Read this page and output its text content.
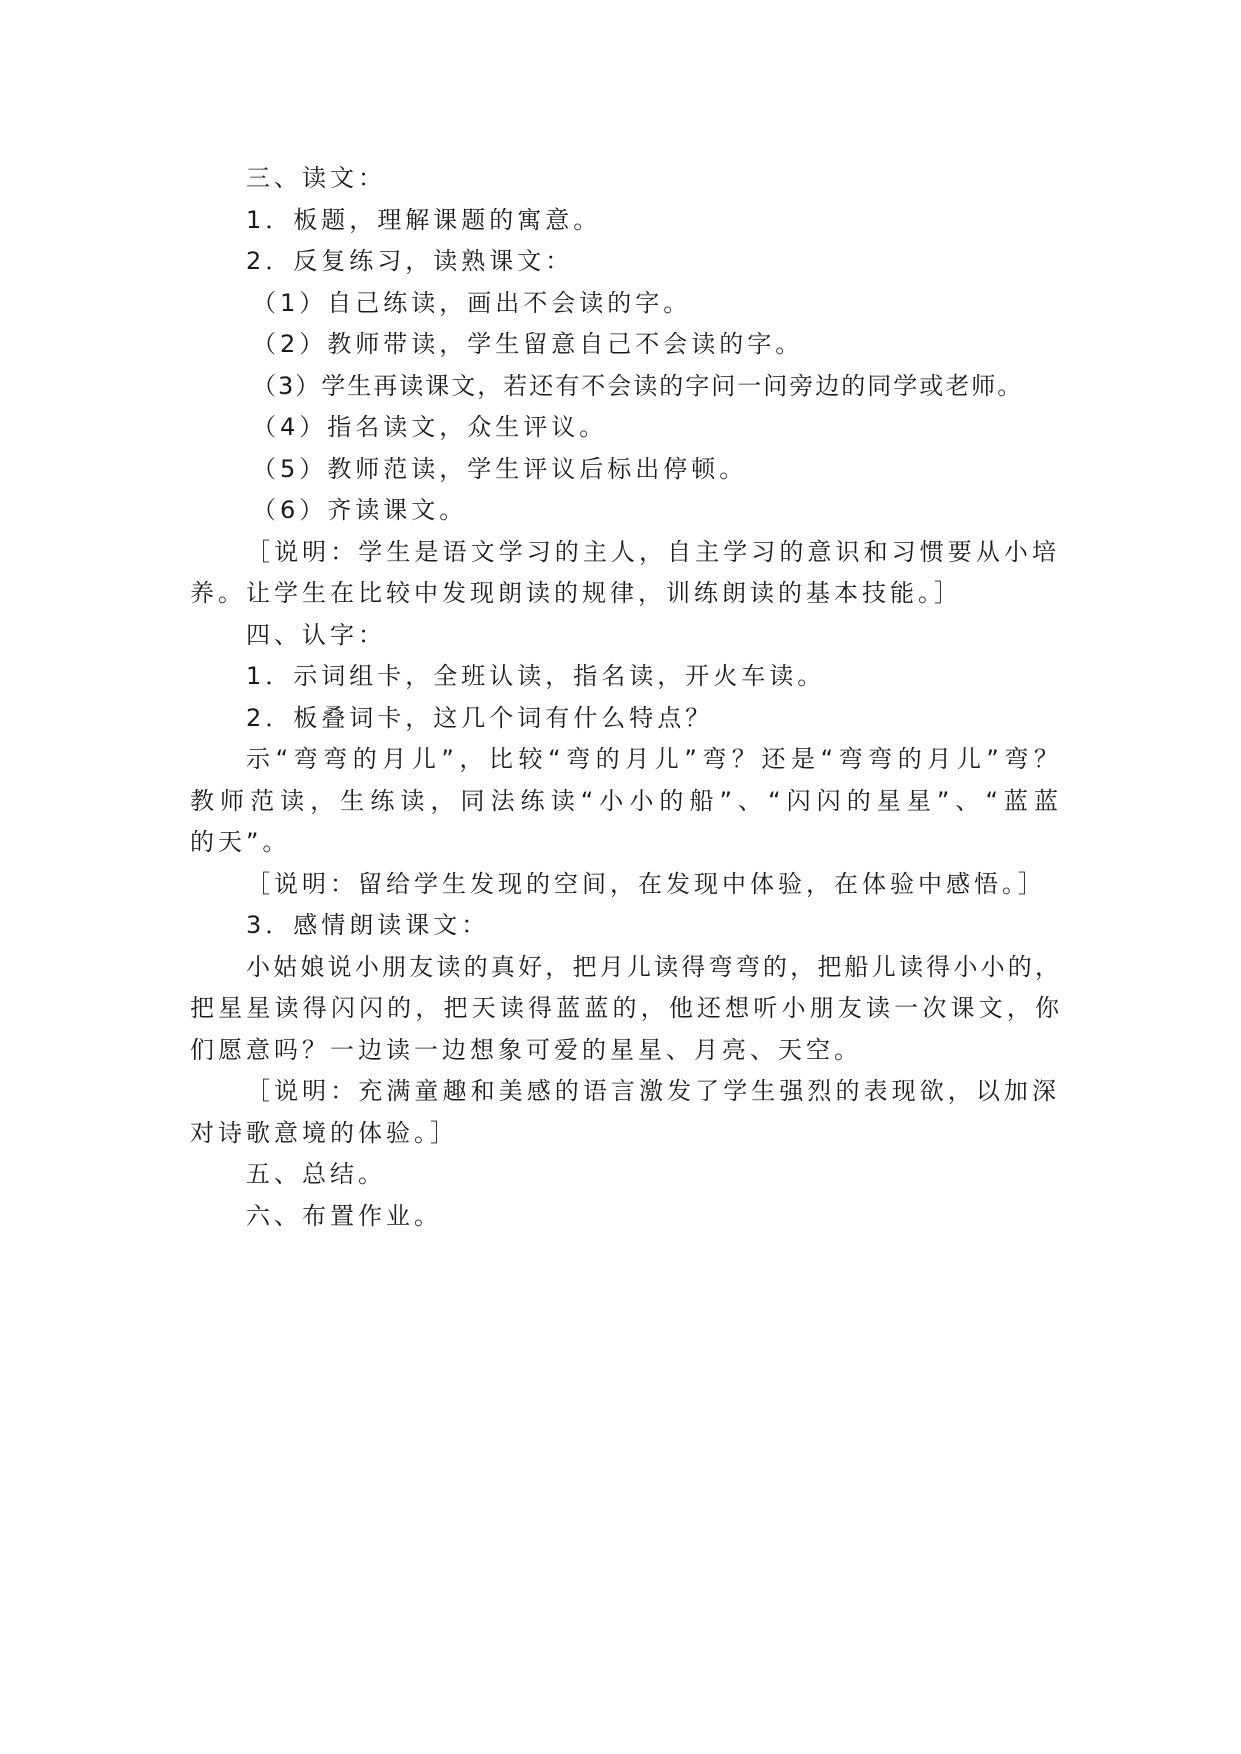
三、读文：
1．板题，理解课题的寓意。
2．反复练习，读熟课文：
（1）自己练读，画出不会读的字。
（2）教师带读，学生留意自己不会读的字。
（3）学生再读课文，若还有不会读的字问一问旁边的同学或老师。
（4）指名读文，众生评议。
（5）教师范读，学生评议后标出停顿。
（6）齐读课文。
［说明：学生是语文学习的主人，自主学习的意识和习惯要从小培
养。让学生在比较中发现朗读的规律，训练朗读的基本技能。］
四、认字：
1．示词组卡，全班认读，指名读，开火车读。
2．板叠词卡，这几个词有什么特点？
示“弯弯的月儿”，比较“弯的月儿”弯？还是“弯弯的月儿”弯？
教师范读，生练读，同法练读“小小的船”、“闪闪的星星”、“蓝蓝
的天”。
［说明：留给学生发现的空间，在发现中体验，在体验中感悟。］
3．感情朗读课文：
小姑娘说小朋友读的真好，把月儿读得弯弯的，把船儿读得小小的，
把星星读得闪闪的，把天读得蓝蓝的，他还想听小朋友读一次课文，你
们愿意吗？一边读一边想象可爱的星星、月亮、天空。
［说明：充满童趣和美感的语言激发了学生强烈的表现欲，以加深
对诗歌意境的体验。］
五、总结。
六、布置作业。
